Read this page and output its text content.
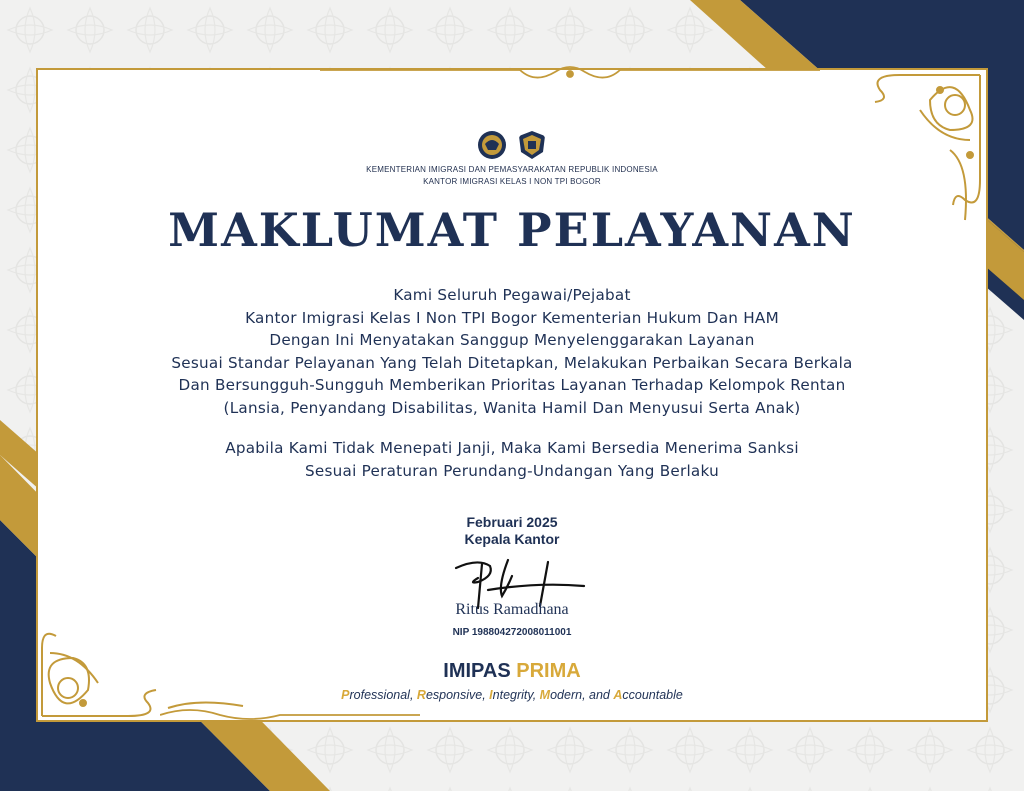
KEMENTERIAN IMIGRASI DAN PEMASYARAKATAN REPUBLIK INDONESIA
KANTOR IMIGRASI KELAS I NON TPI BOGOR
MAKLUMAT PELAYANAN
Kami Seluruh Pegawai/Pejabat
Kantor Imigrasi Kelas I Non TPI Bogor Kementerian Hukum Dan HAM
Dengan Ini Menyatakan Sanggup Menyelenggarakan Layanan
Sesuai Standar Pelayanan Yang Telah Ditetapkan, Melakukan Perbaikan Secara Berkala
Dan Bersungguh-Sungguh Memberikan Prioritas Layanan Terhadap Kelompok Rentan
(Lansia, Penyandang Disabilitas, Wanita Hamil Dan Menyusui Serta Anak)
Apabila Kami Tidak Menepati Janji, Maka Kami Bersedia Menerima Sanksi
Sesuai Peraturan Perundang-Undangan Yang Berlaku
Februari 2025
Kepala Kantor
Ritus Ramadhana
NIP 198804272008011001
IMIPAS PRIMA
Professional, Responsive, Integrity, Modern, and Accountable
